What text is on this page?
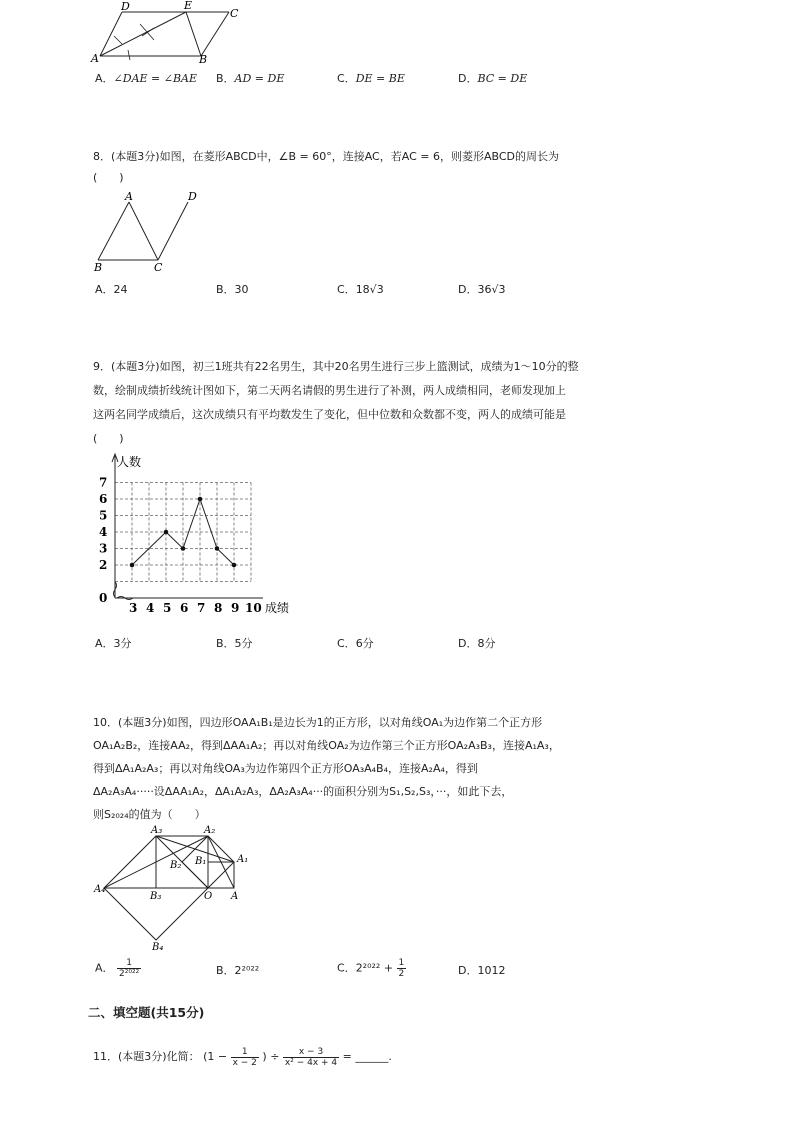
D	E
C
A	B
A．∠DAE = ∠BAE B．AD = DE	C．DE = BE	D．BC = DE
8．(本题3分)如图，在菱形ABCD中，∠B = 60°，连接AC，若AC = 6，则菱形ABCD的周长为
(　　)
A
B	C
D
A．24	B．30	C．18√3	D．36√3
9．(本题3分)如图，初三1班共有22名男生，其中20名男生进行三步上篮测试，成绩为1～10分的整
数，绘制成绩折线统计图如下，第二天两名请假的男生进行了补测，两人成绩相同，老师发现加上
这两名同学成绩后，这次成绩只有平均数发生了变化，但中位数和众数都不变，两人的成绩可能是
(　　)
3 4 5 6 7 8 9 10
0
2
3
4
5
6
7
人数
成绩
A．3分	B．5分	C．6分	D．8分
10．(本题3分)如图，四边形OAA₁B₁是边长为1的正方形，以对角线OA₁为边作第二个正方形
OA₁A₂B₂，连接AA₂，得到ΔAA₁A₂；再以对角线OA₂为边作第三个正方形OA₂A₃B₃，连接A₁A₃，
得到ΔA₁A₂A₃；再以对角线OA₃为边作第四个正方形OA₃A₄B₄，连接A₂A₄，得到
ΔA₂A₃A₄·····设ΔAA₁A₂，ΔA₁A₂A₃，ΔA₂A₃A₄···的面积分别为S₁,S₂,S₃，···，如此下去，
则S₂₀₂₄的值为（　　）
A₃	A₂
A₁
B₂ B₁
A₄
B₃	O A
B₄
A． $\frac{1}{\text{2²⁰²²}}$	B．2²⁰²²	C．$2^{2022} + \frac{1}{2}$	D．1012
二、填空题(共15分)
11．(本题3分)化简： ($1 - \frac{1}{x - 2}$ ) ÷ $\frac{x - 3}{\text{x² − 4x + 4}}$ = ______.
